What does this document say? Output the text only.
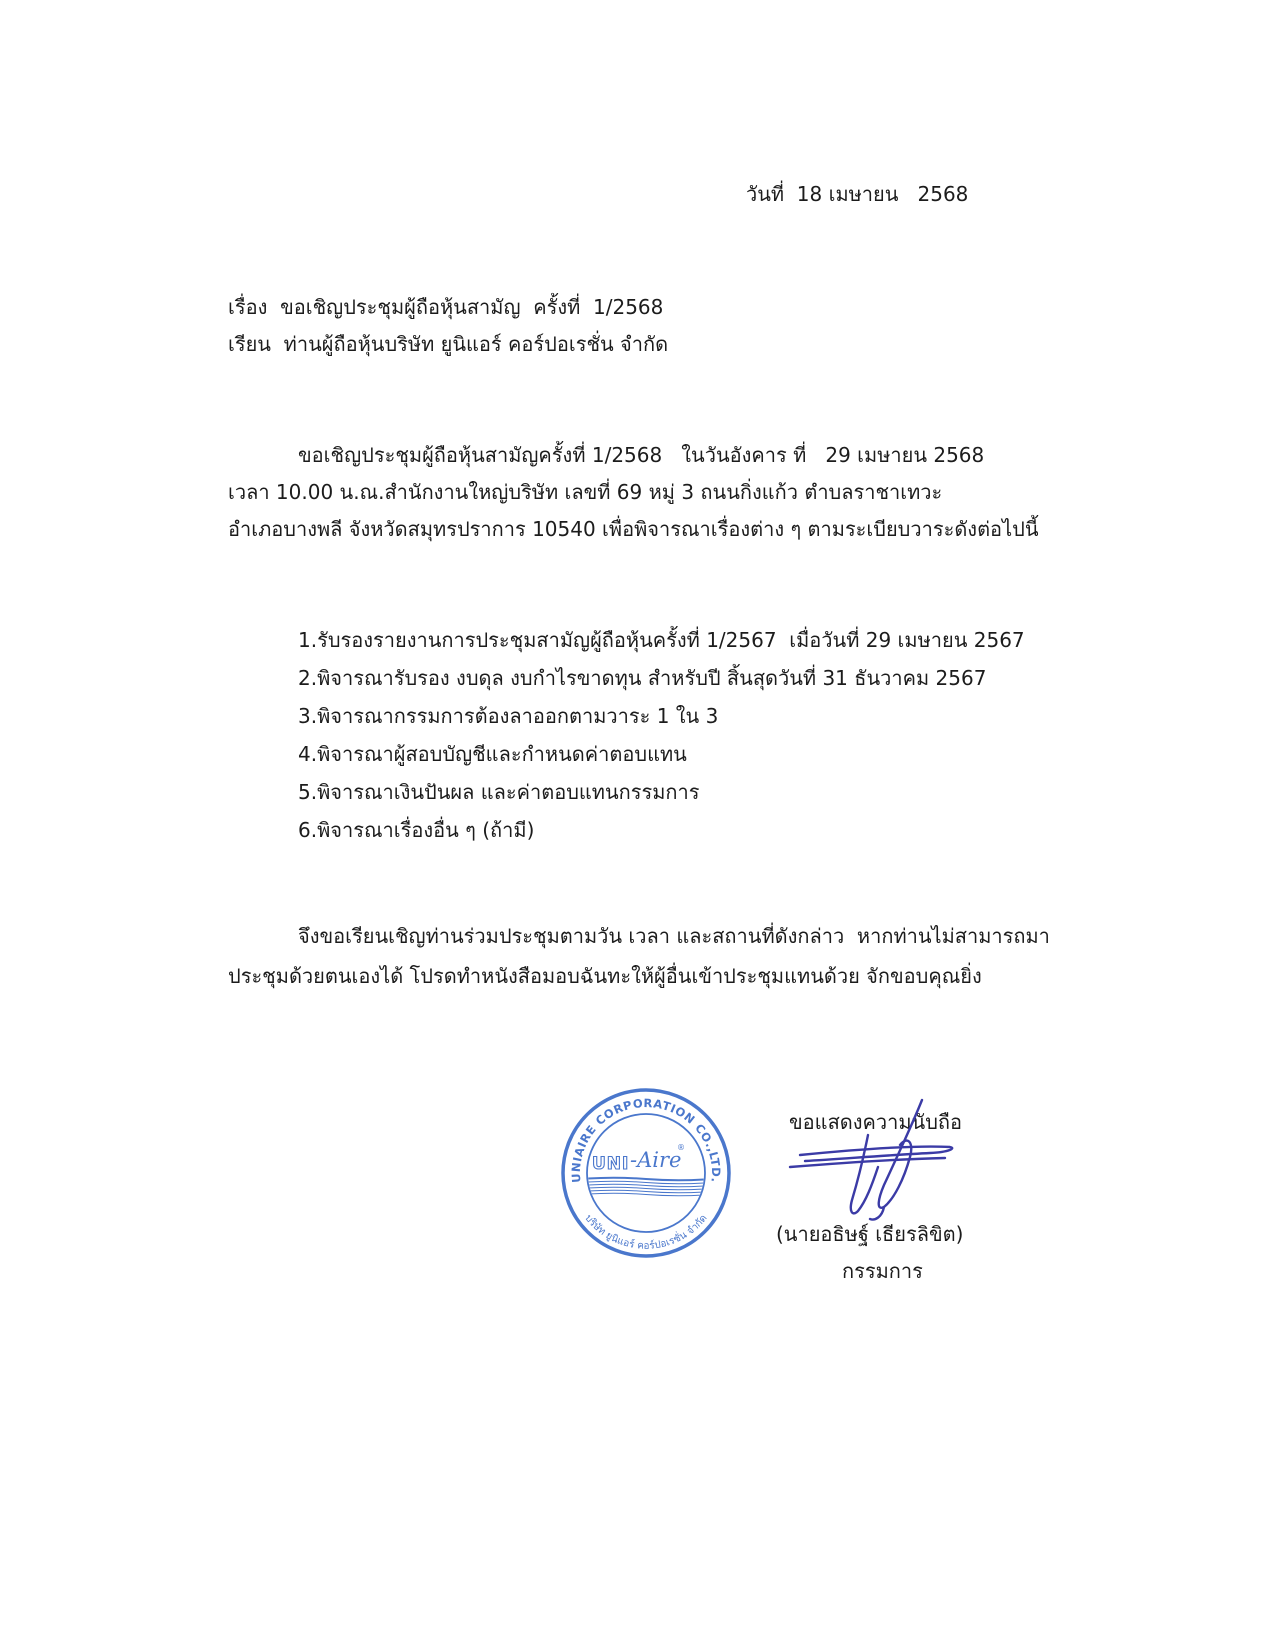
วันที่  18 เมษายน   2568
เรื่อง  ขอเชิญประชุมผู้ถือหุ้นสามัญ  ครั้งที่  1/2568
เรียน  ท่านผู้ถือหุ้นบริษัท ยูนิแอร์ คอร์ปอเรชั่น จำกัด
ขอเชิญประชุมผู้ถือหุ้นสามัญครั้งที่ 1/2568   ในวันอังคาร ที่   29 เมษายน 2568
เวลา 10.00 น.ณ.สำนักงานใหญ่บริษัท เลขที่ 69 หมู่ 3 ถนนกิ่งแก้ว ตำบลราชาเทวะ
อำเภอบางพลี จังหวัดสมุทรปราการ 10540 เพื่อพิจารณาเรื่องต่าง ๆ ตามระเบียบวาระดังต่อไปนี้
1.รับรองรายงานการประชุมสามัญผู้ถือหุ้นครั้งที่ 1/2567  เมื่อวันที่ 29 เมษายน 2567
2.พิจารณารับรอง งบดุล งบกำไรขาดทุน สำหรับปี สิ้นสุดวันที่ 31 ธันวาคม 2567
3.พิจารณากรรมการต้องลาออกตามวาระ 1 ใน 3
4.พิจารณาผู้สอบบัญชีและกำหนดค่าตอบแทน
5.พิจารณาเงินปันผล และค่าตอบแทนกรรมการ
6.พิจารณาเรื่องอื่น ๆ (ถ้ามี)
จึงขอเรียนเชิญท่านร่วมประชุมตามวัน เวลา และสถานที่ดังกล่าว  หากท่านไม่สามารถมา
ประชุมด้วยตนเองได้ โปรดทำหนังสือมอบฉันทะให้ผู้อื่นเข้าประชุมแทนด้วย จักขอบคุณยิ่ง
UNIAIRE CORPORATION CO.,LTD.
UNI -Aire
®
บริษัท ยูนิแอร์ คอร์ปอเรชั่น จำกัด
ขอแสดงความนับถือ
(นายอธิษฐ์ เธียรลิขิต)
กรรมการ
